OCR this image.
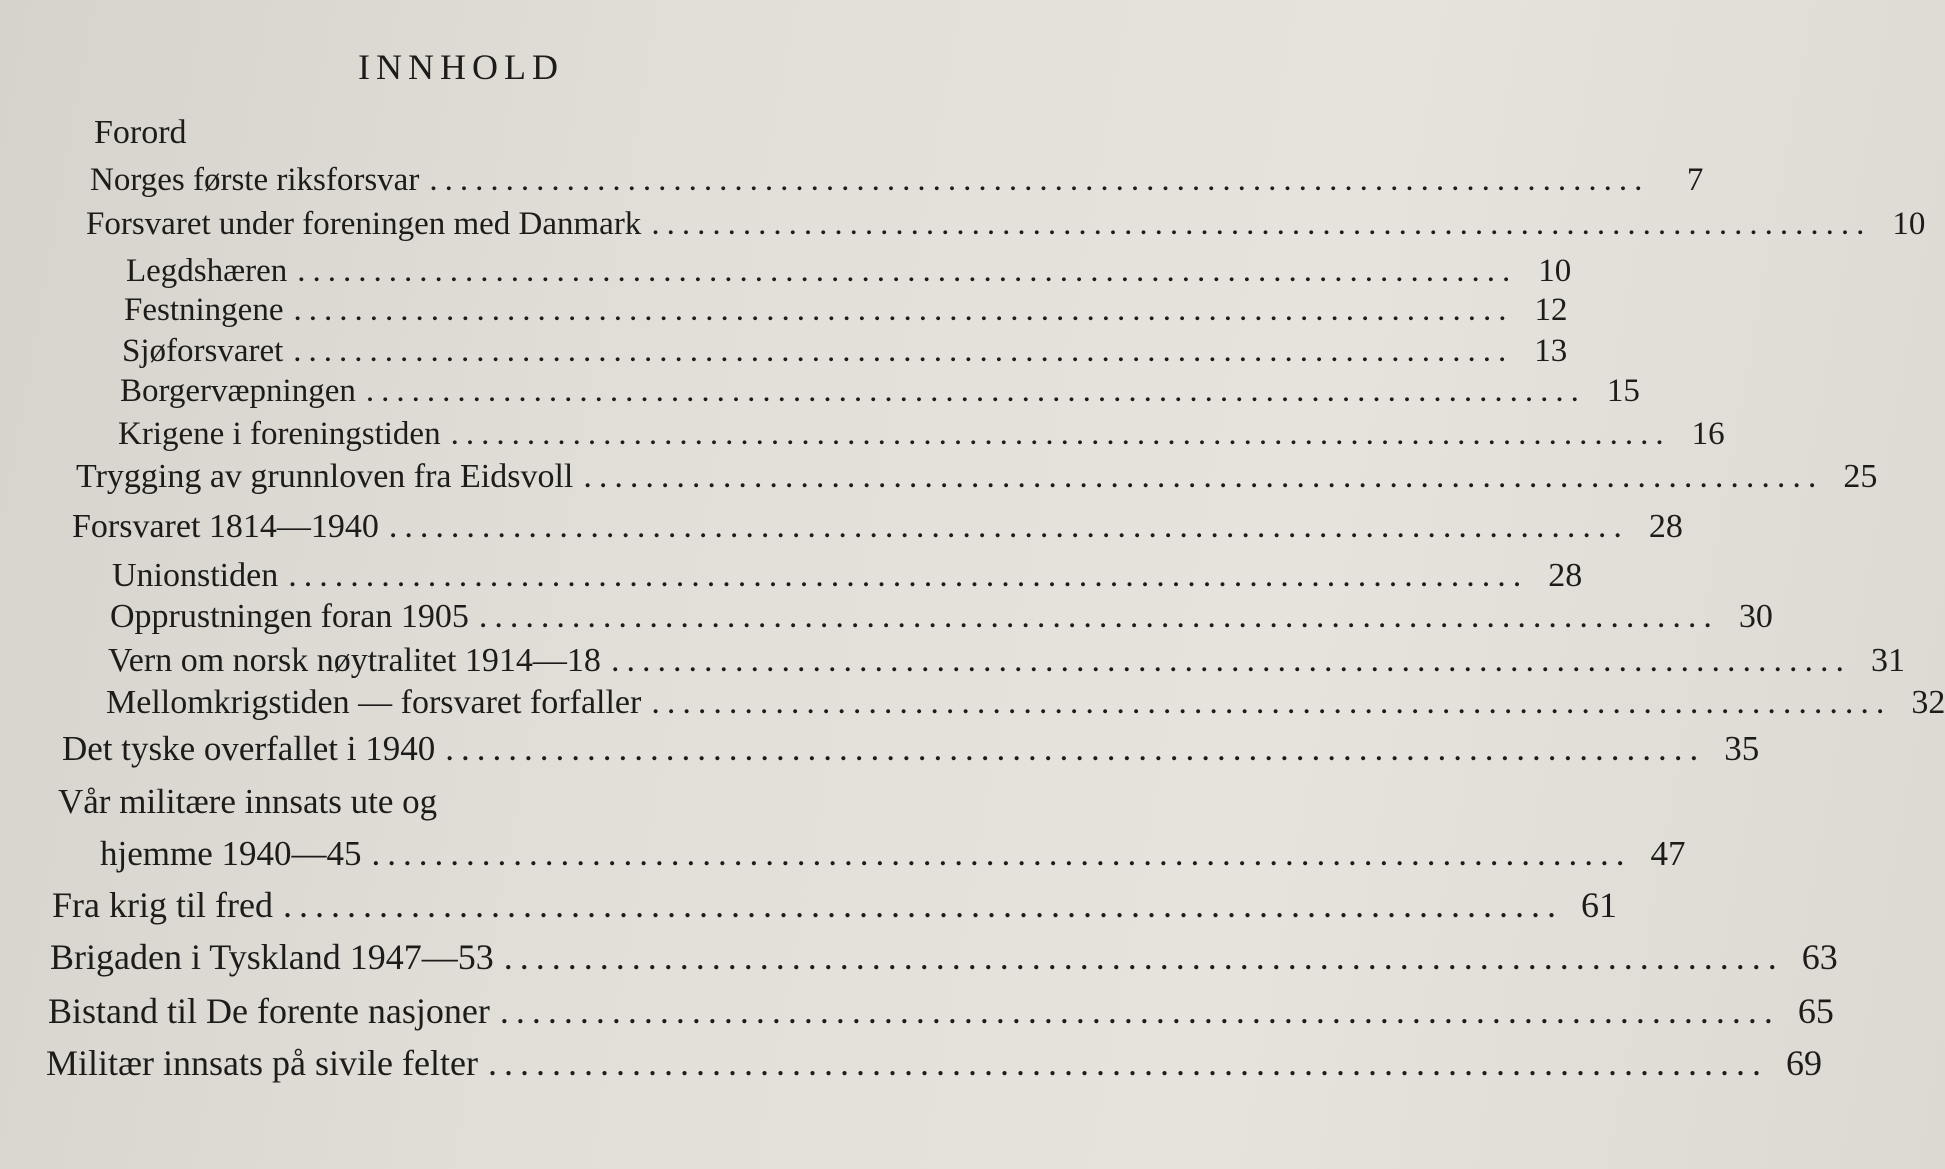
INNHOLD
Forord
Norges første riksforsvar ................................................................................	7
Forsvaret under foreningen med Danmark ................................................................................ 10
Legdshæren ................................................................................ 10
Festningene ................................................................................ 12
Sjøforsvaret ................................................................................ 13
Borgervæpningen ................................................................................ 15
Krigene i foreningstiden ................................................................................ 16
Trygging av grunnloven fra Eidsvoll ................................................................................ 25
Forsvaret 1814—1940 ................................................................................ 28
Unionstiden ................................................................................ 28
Opprustningen foran 1905 ................................................................................ 30
Vern om norsk nøytralitet 1914—18 ................................................................................ 31
Mellomkrigstiden — forsvaret forfaller ................................................................................ 32
Det tyske overfallet i 1940 ................................................................................ 35
Vår militære innsats ute og
hjemme 1940—45 ................................................................................ 47
Fra krig til fred ................................................................................ 61
Brigaden i Tyskland 1947—53 ................................................................................ 63
Bistand til De forente nasjoner ................................................................................ 65
Militær innsats på sivile felter ................................................................................ 69
